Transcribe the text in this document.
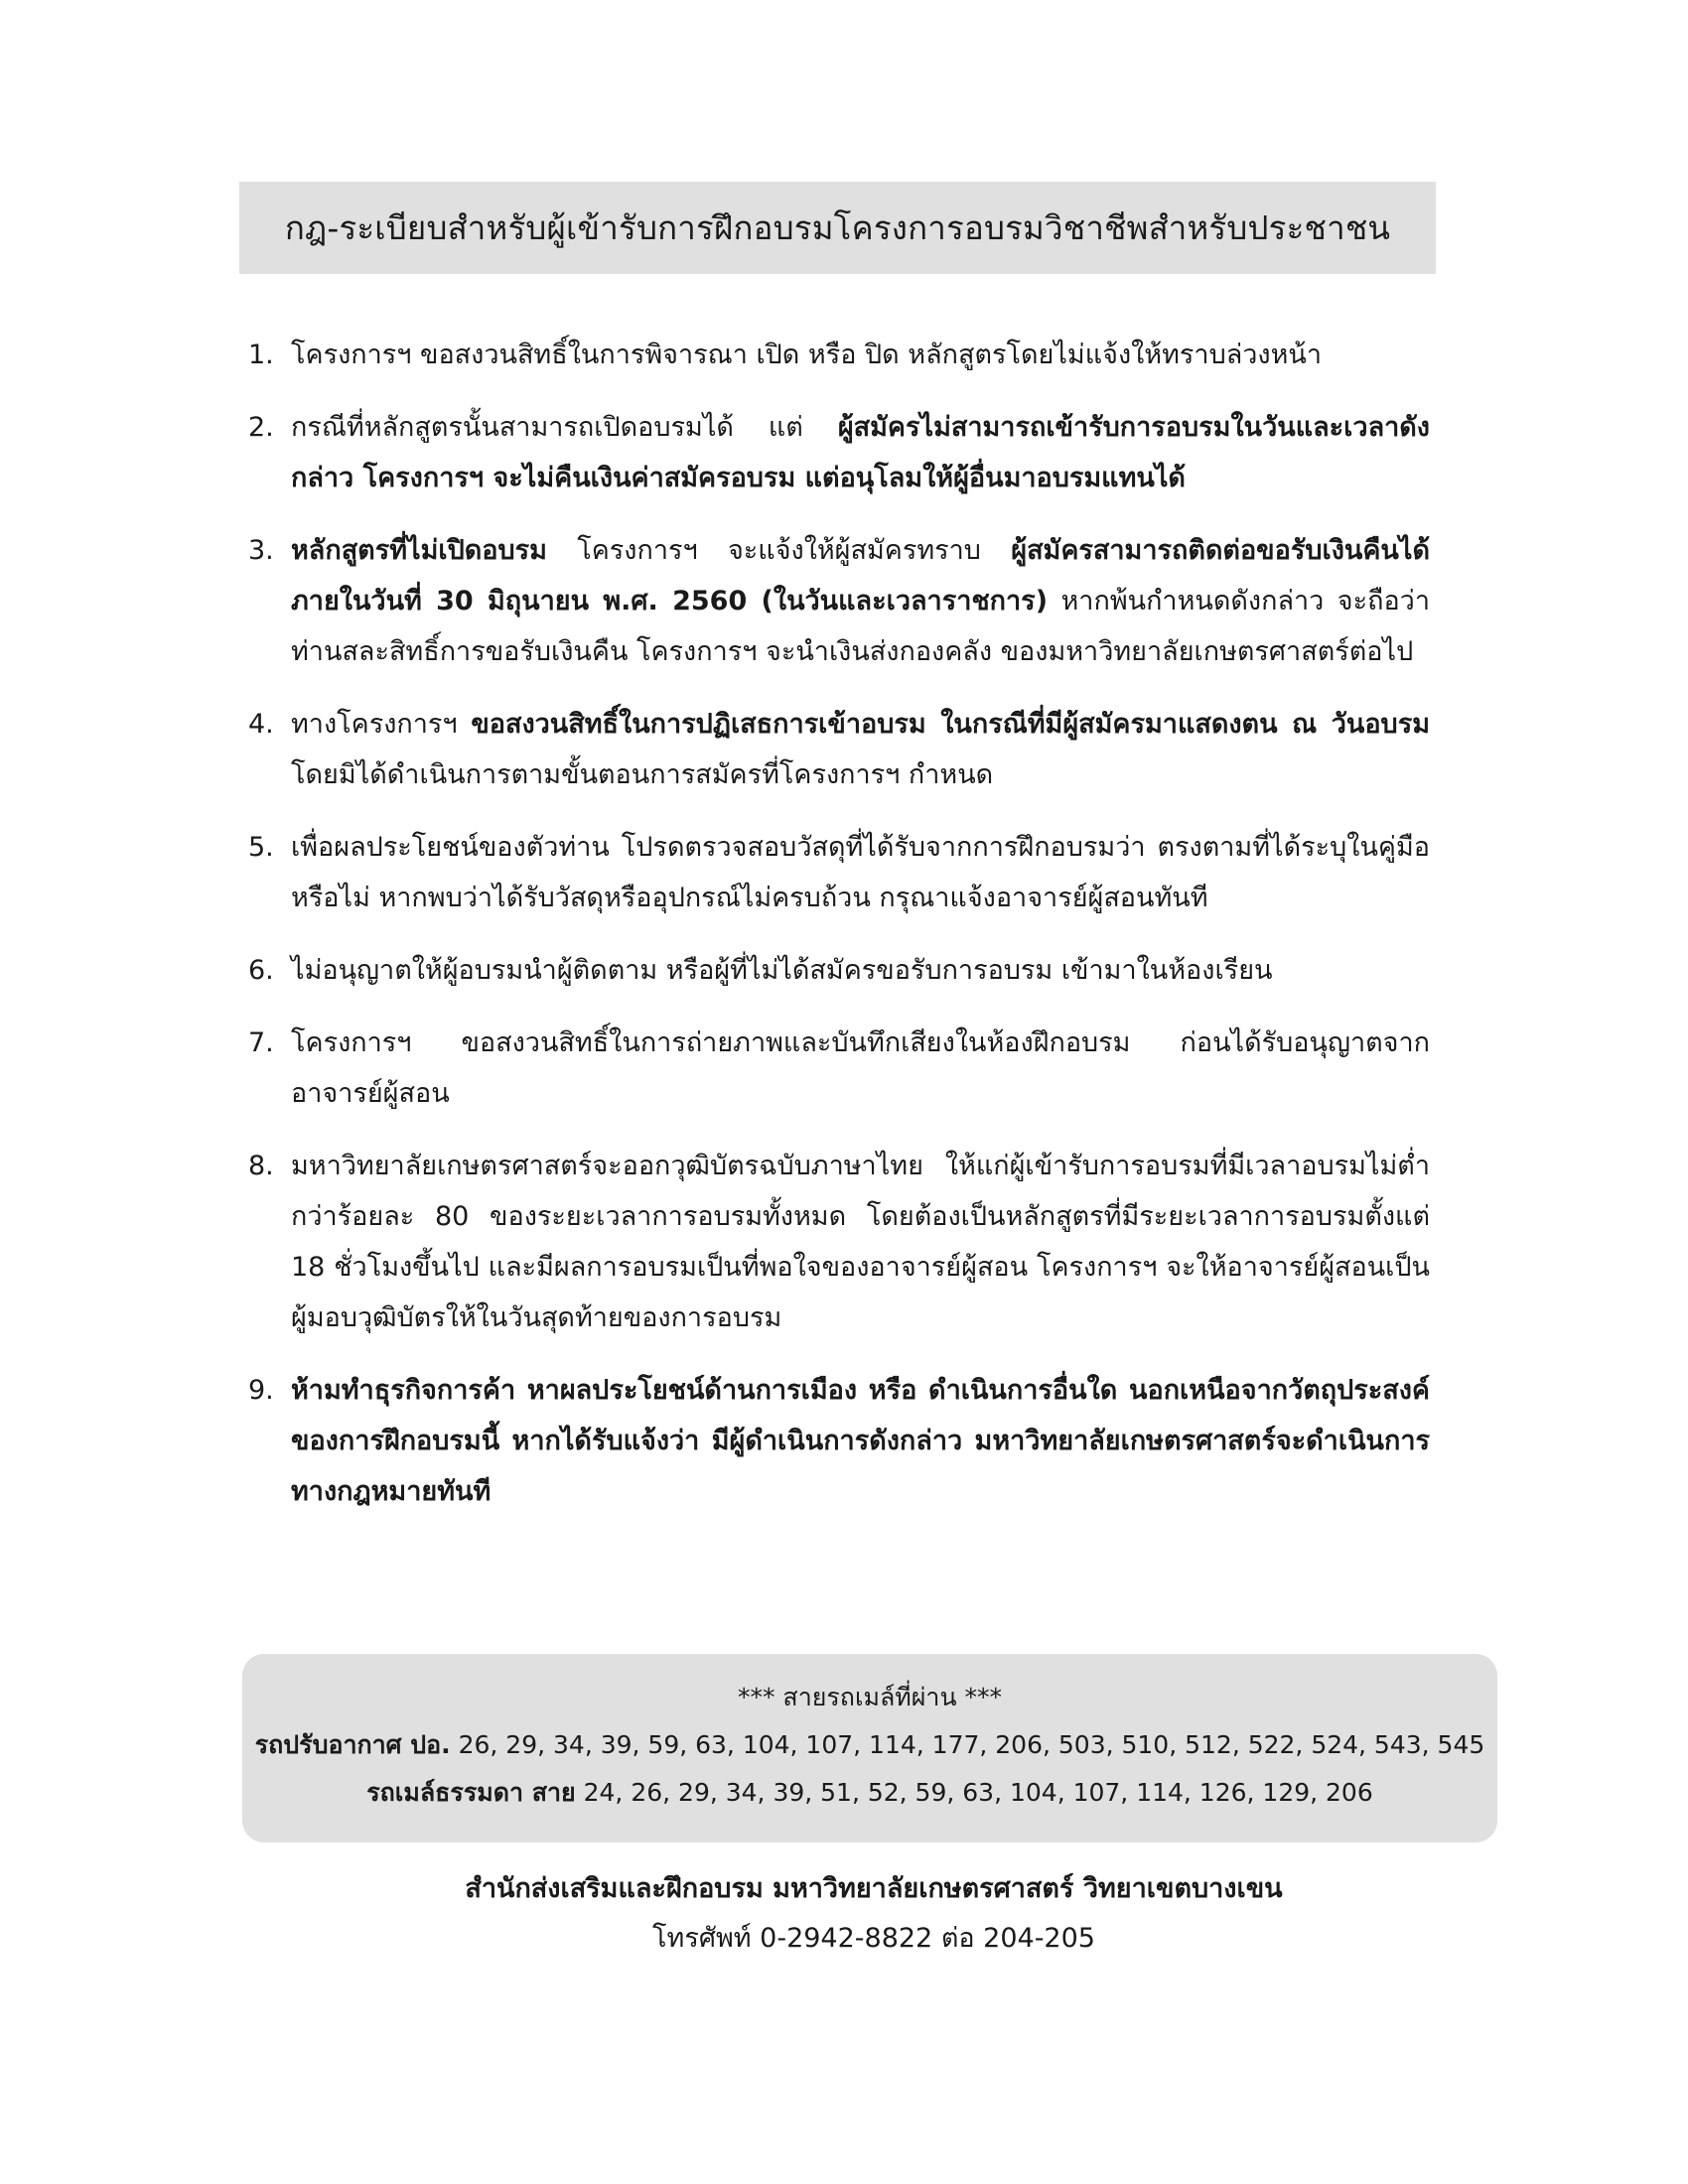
กฎ-ระเบียบสำหรับผู้เข้ารับการฝึกอบรมโครงการอบรมวิชาชีพสำหรับประชาชน
1. โครงการฯ ขอสงวนสิทธิ์ในการพิจารณา เปิด หรือ ปิด หลักสูตรโดยไม่แจ้งให้ทราบล่วงหน้า
2. กรณีที่หลักสูตรนั้นสามารถเปิดอบรมได้ แต่ ผู้สมัครไม่สามารถเข้ารับการอบรมในวันและเวลาดังกล่าว โครงการฯ จะไม่คืนเงินค่าสมัครอบรม แต่อนุโลมให้ผู้อื่นมาอบรมแทนได้
3. หลักสูตรที่ไม่เปิดอบรม โครงการฯ จะแจ้งให้ผู้สมัครทราบ ผู้สมัครสามารถติดต่อขอรับเงินคืนได้ภายในวันที่ 30 มิถุนายน พ.ศ. 2560 (ในวันและเวลาราชการ) หากพ้นกำหนดดังกล่าว จะถือว่าท่านสละสิทธิ์การขอรับเงินคืน โครงการฯ จะนำเงินส่งกองคลัง ของมหาวิทยาลัยเกษตรศาสตร์ต่อไป
4. ทางโครงการฯ ขอสงวนสิทธิ์ในการปฏิเสธการเข้าอบรม ในกรณีที่มีผู้สมัครมาแสดงตน ณ วันอบรม โดยมิได้ดำเนินการตามขั้นตอนการสมัครที่โครงการฯ กำหนด
5. เพื่อผลประโยชน์ของตัวท่าน โปรดตรวจสอบวัสดุที่ได้รับจากการฝึกอบรมว่า ตรงตามที่ได้ระบุในคู่มือหรือไม่ หากพบว่าได้รับวัสดุหรืออุปกรณ์ไม่ครบถ้วน กรุณาแจ้งอาจารย์ผู้สอนทันที
6. ไม่อนุญาตให้ผู้อบรมนำผู้ติดตาม หรือผู้ที่ไม่ได้สมัครขอรับการอบรม เข้ามาในห้องเรียน
7. โครงการฯ ขอสงวนสิทธิ์ในการถ่ายภาพและบันทึกเสียงในห้องฝึกอบรม ก่อนได้รับอนุญาตจากอาจารย์ผู้สอน
8. มหาวิทยาลัยเกษตรศาสตร์จะออกวุฒิบัตรฉบับภาษาไทย ให้แก่ผู้เข้ารับการอบรมที่มีเวลาอบรมไม่ต่ำกว่าร้อยละ 80 ของระยะเวลาการอบรมทั้งหมด โดยต้องเป็นหลักสูตรที่มีระยะเวลาการอบรมตั้งแต่ 18 ชั่วโมงขึ้นไป และมีผลการอบรมเป็นที่พอใจของอาจารย์ผู้สอน โครงการฯ จะให้อาจารย์ผู้สอนเป็นผู้มอบวุฒิบัตรให้ในวันสุดท้ายของการอบรม
9. ห้ามทำธุรกิจการค้า หาผลประโยชน์ด้านการเมือง หรือ ดำเนินการอื่นใด นอกเหนือจากวัตถุประสงค์ของการฝึกอบรมนี้ หากได้รับแจ้งว่า มีผู้ดำเนินการดังกล่าว มหาวิทยาลัยเกษตรศาสตร์จะดำเนินการทางกฎหมายทันที
*** สายรถเมล์ที่ผ่าน ***
รถปรับอากาศ ปอ. 26, 29, 34, 39, 59, 63, 104, 107, 114, 177, 206, 503, 510, 512, 522, 524, 543, 545
รถเมล์ธรรมดา สาย 24, 26, 29, 34, 39, 51, 52, 59, 63, 104, 107, 114, 126, 129, 206
สำนักส่งเสริมและฝึกอบรม มหาวิทยาลัยเกษตรศาสตร์ วิทยาเขตบางเขน
โทรศัพท์ 0-2942-8822 ต่อ 204-205
